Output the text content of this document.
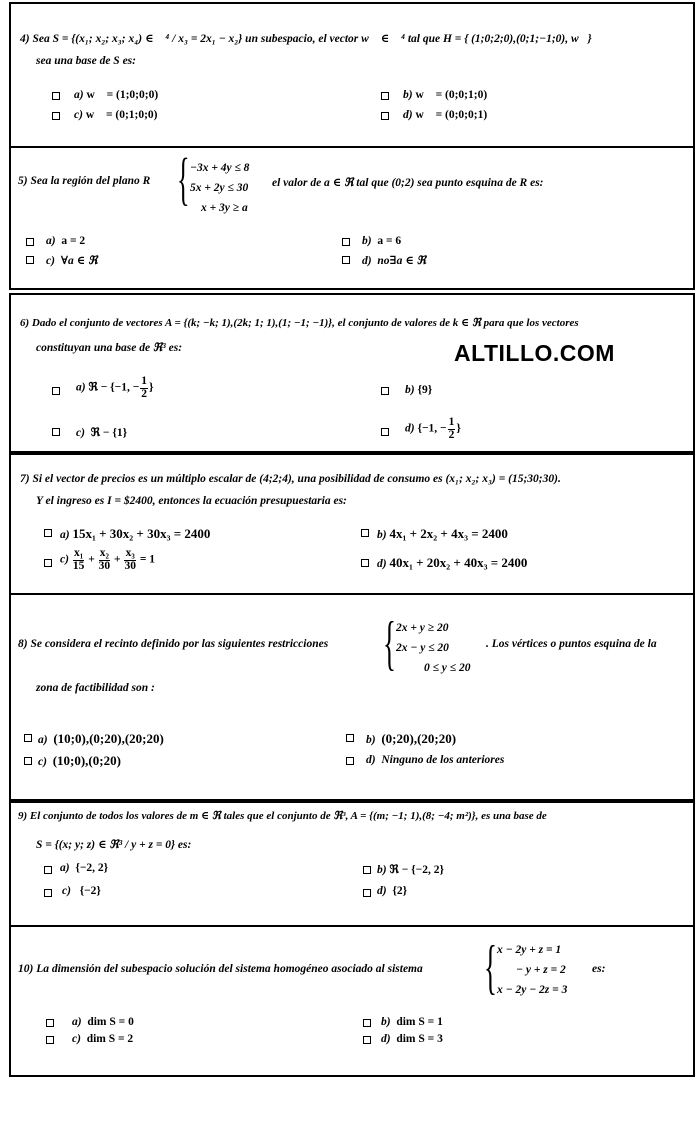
4) Sea S = {(x₁; x₂; x₃; x₄) ∈ ℜ⁴ / x₃ = 2x₁ − x₂} un subespacio, el vector w⃗ ∈ ℜ⁴ tal que H = { (1;0;2;0),(0;1;−1;0), w⃗}
sea una base de S es:
a) w⃗ = (1;0;0;0)	b) w⃗ = (0;0;1;0)
c) w⃗ = (0;1;0;0)	d) w⃗ = (0;0;0;1)
5) Sea la región del plano R { −3x + 4y ≤ 8
5x + 2y ≤ 30
x + 3y ≥ a
el valor de a ∈ ℜ tal que (0;2) sea punto esquina de R es:
a) a = 2	b) a = 6
c) ∀a ∈ ℜ	d) no∃a ∈ ℜ
6) Dado el conjunto de vectores A = {(k; −k; 1),(2k; 1; 1),(1; −1; −1)}, el conjunto de valores de k ∈ ℜ para que los vectores
constituyan una base de ℜ³ es:	ALTILLO.COM
a) ℜ − {−1, − $\frac{1}{2}$ }	b) {9}
c) ℜ − {1}	d) {−1, − $\frac{1}{2}$ }
7) Si el vector de precios es un múltiplo escalar de (4;2;4), una posibilidad de consumo es (x₁; x₂; x₃) = (15;30;30).
Y el ingreso es I = $2400, entonces la ecuación presupuestaria es:
a) 15x₁ + 30x₂ + 30x₃ = 2400	b) 4x₁ + 2x₂ + 4x₃ = 2400
$c) \frac{\text{x₁}}{15} + \frac{\text{x₂}}{30} + \frac{\text{x₃}}{30} = 1$	d) 40x₁ + 20x₂ + 40x₃ = 2400
8) Se considera el recinto definido por las siguientes restricciones { 2x + y ≥ 20
2x − y ≤ 20
0 ≤ y ≤ 20
. Los vértices o puntos esquina de la
zona de factibilidad son :
a) (10;0),(0;20),(20;20)	b) (0;20),(20;20)
c) (10;0),(0;20)	d) Ninguno de los anteriores
9) El conjunto de todos los valores de m ∈ ℜ tales que el conjunto de ℜ³, A = {(m; −1; 1),(8; −4; m²)}, es una base de
S = {(x; y; z) ∈ ℜ³ / y + z = 0} es:
a) {−2, 2}	b) ℜ − {−2, 2}
c) {−2}	d) {2}
10) La dimensión del subespacio solución del sistema homogéneo asociado al sistema { x − 2y + z = 1
− y + z = 2
x − 2y − 2z = 3
es:
a) dim S = 0	b) dim S = 1
c) dim S = 2	d) dim S = 3
